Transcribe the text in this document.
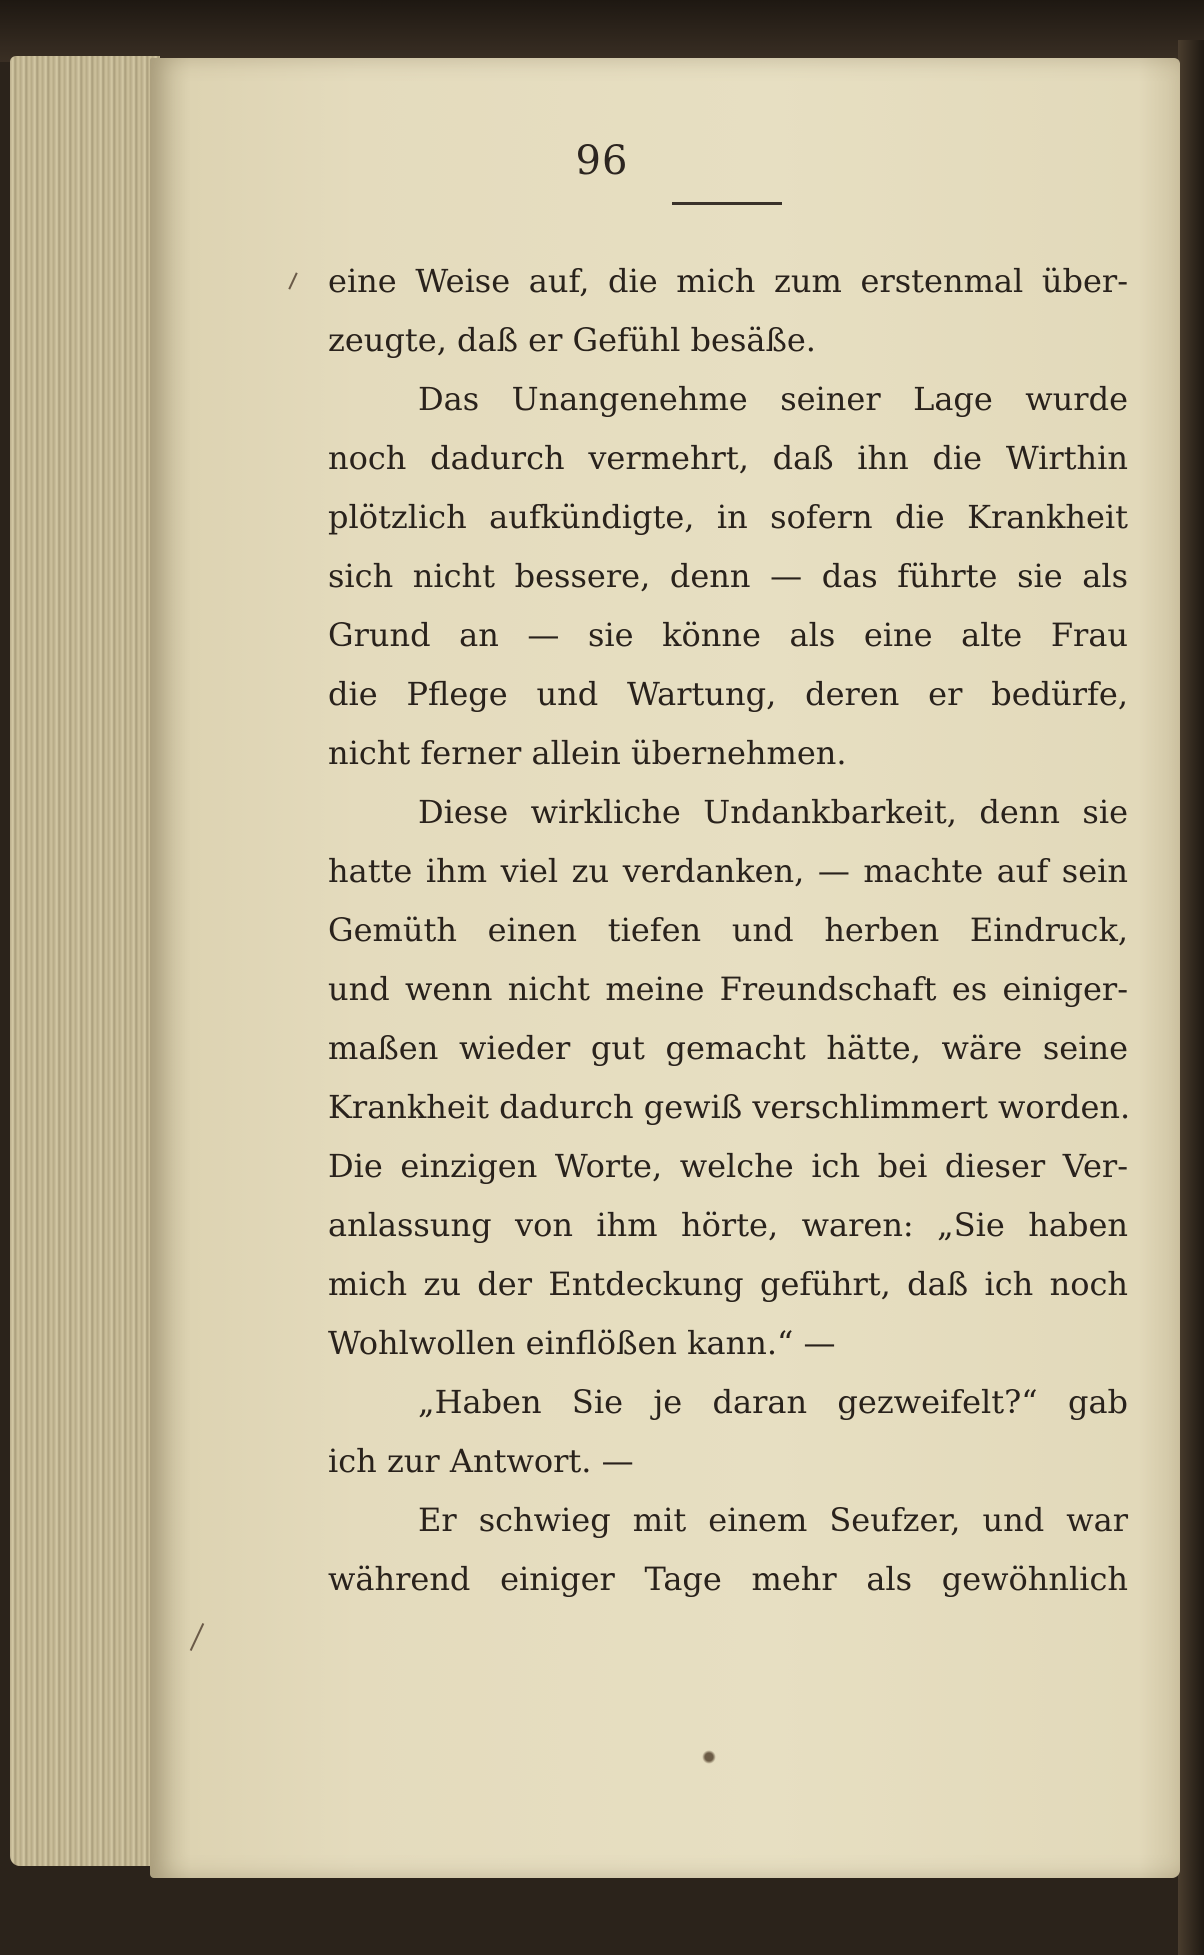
96
eine Weise auf, die mich zum erstenmal über-
zeugte, daß er Gefühl besäße.
Das Unangenehme seiner Lage wurde
noch dadurch vermehrt, daß ihn die Wirthin
plötzlich aufkündigte, in sofern die Krankheit
sich nicht bessere, denn — das führte sie als
Grund an — sie könne als eine alte Frau
die Pflege und Wartung, deren er bedürfe,
nicht ferner allein übernehmen.
Diese wirkliche Undankbarkeit, denn sie
hatte ihm viel zu verdanken, — machte auf sein
Gemüth einen tiefen und herben Eindruck,
und wenn nicht meine Freundschaft es einiger-
maßen wieder gut gemacht hätte, wäre seine
Krankheit dadurch gewiß verschlimmert worden.
Die einzigen Worte, welche ich bei dieser Ver-
anlassung von ihm hörte, waren: „Sie haben
mich zu der Entdeckung geführt, daß ich noch
Wohlwollen einflößen kann.“ —
„Haben Sie je daran gezweifelt?“ gab
ich zur Antwort. —
Er schwieg mit einem Seufzer, und war
während einiger Tage mehr als gewöhnlich
